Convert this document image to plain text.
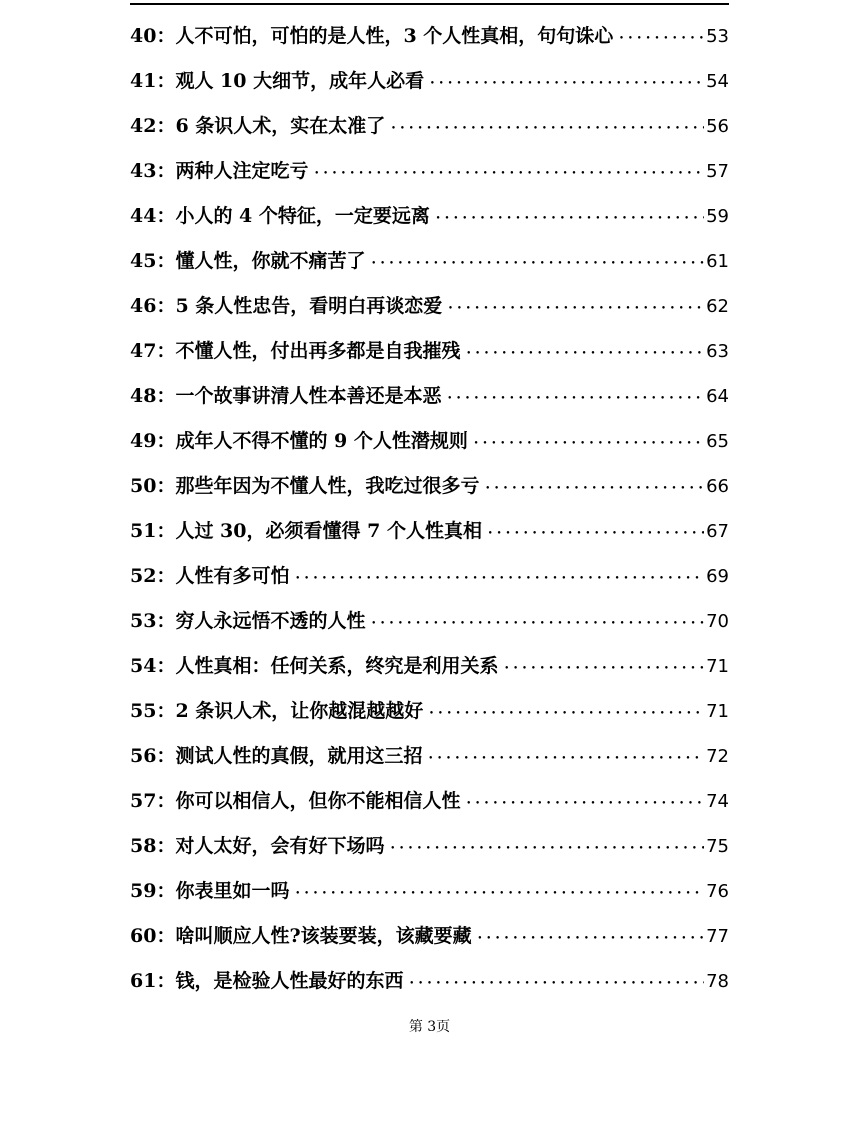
40：人不可怕，可怕的是人性，3 个人性真相，句句诛心 •••••	53
41：观人 10 大细节，成年人必看 •••••	54
42：6 条识人术，实在太准了 •••••	56
43：两种人注定吃亏 •••••	57
44：小人的 4 个特征，一定要远离 •••••	59
45：懂人性，你就不痛苦了 •••••	61
46：5 条人性忠告，看明白再谈恋爱 •••••	62
47：不懂人性，付出再多都是自我摧残 •••••	63
48：一个故事讲清人性本善还是本恶 •••••	64
49：成年人不得不懂的 9 个人性潜规则 •••••	65
50：那些年因为不懂人性，我吃过很多亏 •••••	66
51：人过 30，必须看懂得 7 个人性真相 •••••	67
52：人性有多可怕 •••••	69
53：穷人永远悟不透的人性 •••••	70
54：人性真相：任何关系，终究是利用关系 •••••	71
55：2 条识人术，让你越混越越好 •••••	71
56：测试人性的真假，就用这三招 •••••	72
57：你可以相信人，但你不能相信人性 •••••	74
58：对人太好，会有好下场吗 •••••	75
59：你表里如一吗 •••••	76
60：啥叫顺应人性?该装要装，该藏要藏 •••••	77
61：钱，是检验人性最好的东西 •••••	78
第 3页
